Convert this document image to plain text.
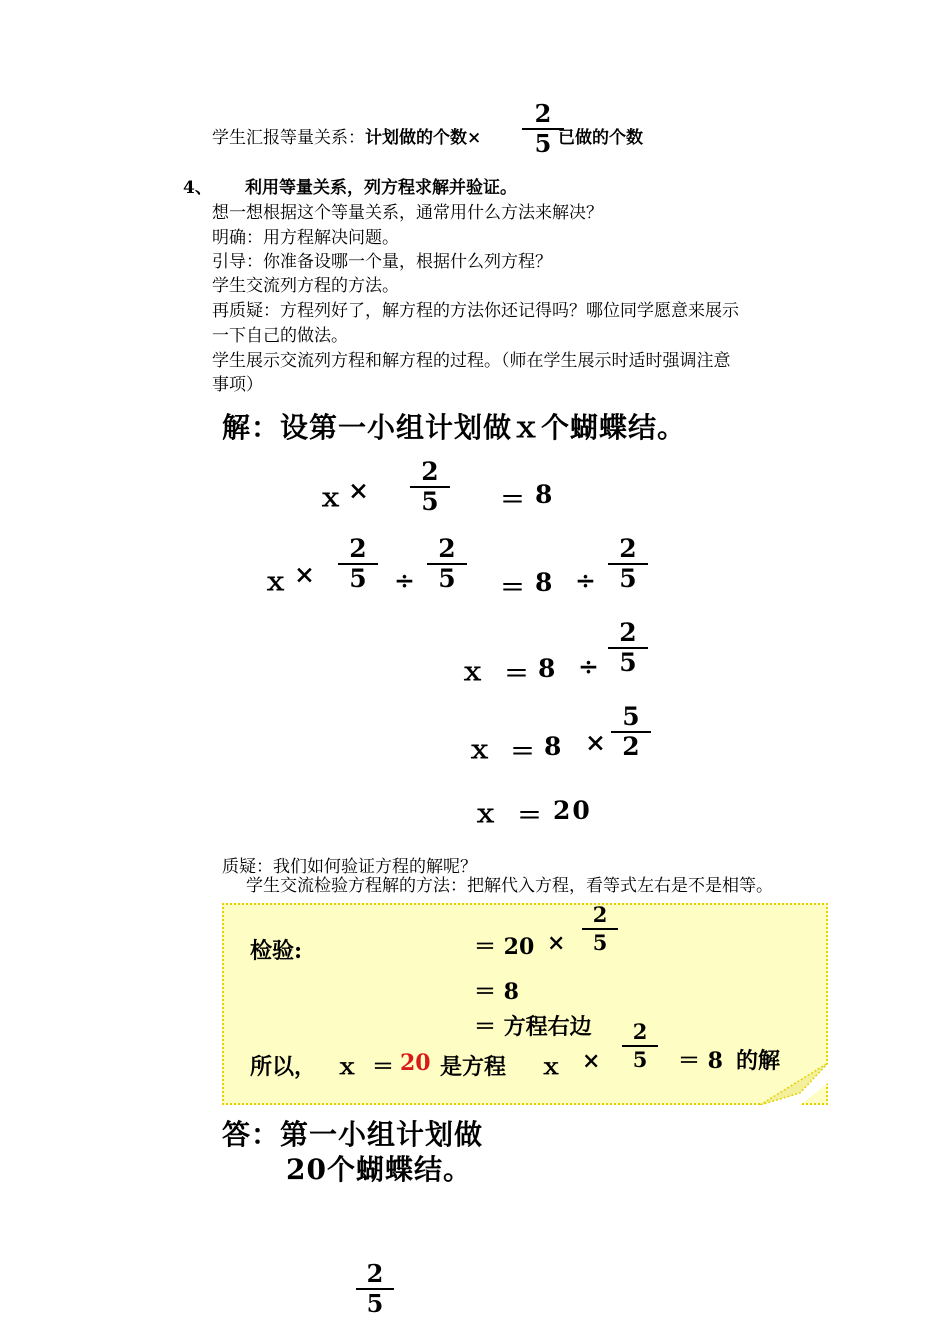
学生汇报等量关系：计划做的个数×
2
5 已做的个数
4、 利用等量关系，列方程求解并验证。
想一想根据这个等量关系，通常用什么方法来解决？
明确：用方程解决问题。
引导：你准备设哪一个量，根据什么列方程？
学生交流列方程的方法。
再质疑：方程列好了，解方程的方法你还记得吗？哪位同学愿意来展示
一下自己的做法。
学生展示交流列方程和解方程的过程。（师在学生展示时适时强调注意
事项）
解：设第一小组计划做ｘ个蝴蝶结。
ｘ ×
2
5	＝ 8
ｘ ×
2
5	÷
2
5	＝ 8 ÷
2
5
ｘ ＝ 8 ÷
2
5
ｘ ＝ 8 ×
5
2
ｘ ＝ 20
质疑：我们如何验证方程的解呢？
学生交流检验方程解的方法：把解代入方程，看等式左右是不是相等。
检验:	＝ 20 ×
2
5
＝ 8
＝ 方程右边
所以， ｘ ＝ 20 是方程 ｘ ×
2
5	＝ 8 的解
答：第一小组计划做
20个蝴蝶结。
2
5
